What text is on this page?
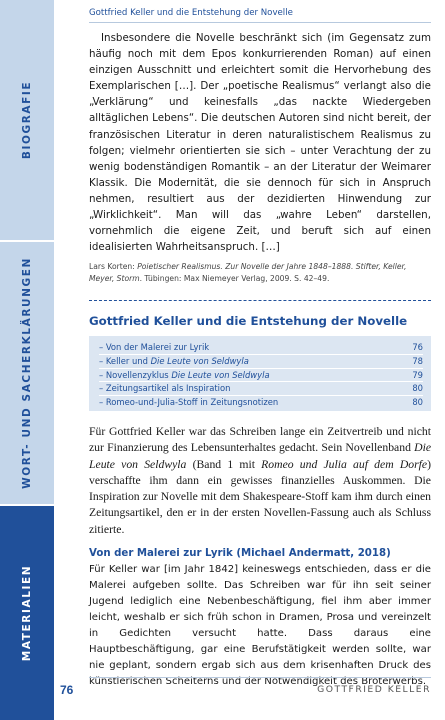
BIOGRAFIE
WORT- UND SACHERKLÄRUNGEN
MATERIALIEN
Gottfried Keller und die Entstehung der Novelle

Insbesondere die Novelle beschränkt sich (im Gegensatz zum häufig noch mit dem Epos konkurrierenden Roman) auf einen einzigen Ausschnitt und erleichtert somit die Hervorhebung des Exemplarischen […]. Der „poetische Realismus“ verlangt also die „Verklärung“ und keinesfalls „das nackte Wiedergeben alltäglichen Lebens“. Die deutschen Autoren sind nicht bereit, der französischen Literatur in deren naturalistischem Realismus zu folgen; vielmehr orientierten sie sich – unter Verachtung der zu wenig bodenständigen Romantik – an der Literatur der Weimarer Klassik. Die Modernität, die sie dennoch für sich in Anspruch nehmen, resultiert aus der dezidierten Hinwendung zur „Wirklichkeit“. Man will das „wahre Leben“ darstellen, vornehmlich die eigene Zeit, und beruft sich auf einen idealisierten Wahrheitsanspruch. […]

Lars Korten: Poietischer Realismus. Zur Novelle der Jahre 1848–1888. Stifter, Keller, Meyer, Storm. Tübingen: Max Niemeyer Verlag, 2009. S. 42–49.
Gottfried Keller und die Entstehung der Novelle
– Von der Malerei zur Lyrik	76
– Keller und Die Leute von Seldwyla	78
– Novellenzyklus Die Leute von Seldwyla	79
– Zeitungsartikel als Inspiration	80
– Romeo-und-Julia-Stoff in Zeitungsnotizen	80

Für Gottfried Keller war das Schreiben lange ein Zeitvertreib und nicht zur Finanzierung des Lebensunterhaltes gedacht. Sein Novellenband Die Leute von Seldwyla (Band 1 mit Romeo und Julia auf dem Dorfe) verschaffte ihm dann ein gewisses finanzielles Auskommen. Die Inspiration zur Novelle mit dem Shakespeare-Stoff kam ihm durch einen Zeitungsartikel, den er in der ersten Novellen-Fassung auch als Schluss zitierte.

Von der Malerei zur Lyrik (Michael Andermatt, 2018)

Für Keller war [im Jahr 1842] keineswegs entschieden, dass er die Malerei aufgeben sollte. Das Schreiben war für ihn seit seiner Jugend lediglich eine Nebenbeschäftigung, fiel ihm aber immer leicht, weshalb er sich früh schon in Dramen, Prosa und vereinzelt in Gedichten versucht hatte. Dass daraus eine Hauptbeschäftigung, gar eine Berufstätigkeit werden sollte, war nie geplant, sondern ergab sich aus dem krisenhaften Druck des künstlerischen Scheiterns und der Notwendigkeit des Broterwerbs.

76	GOTTFRIED KELLER
